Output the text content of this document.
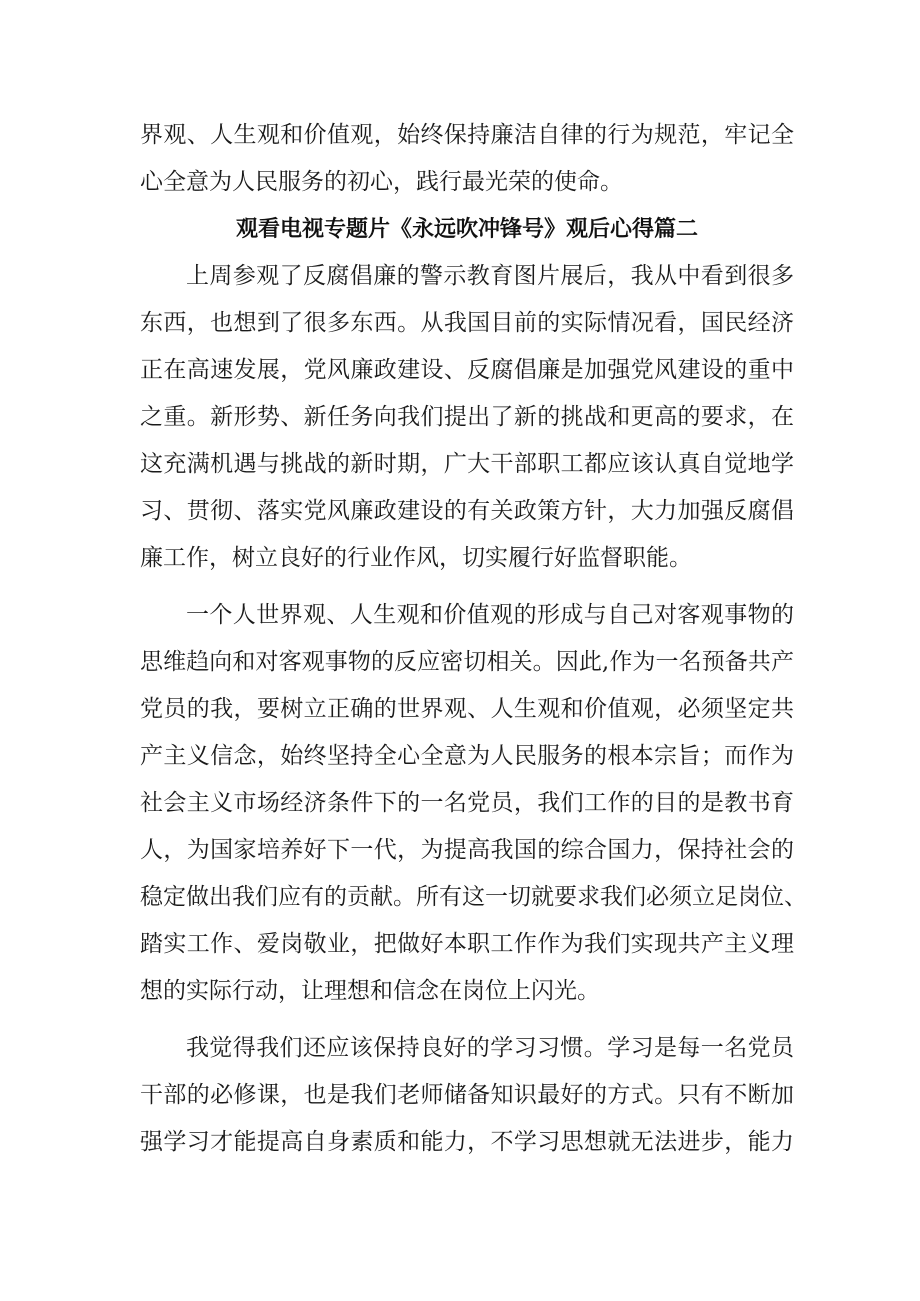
界观、人生观和价值观，始终保持廉洁自律的行为规范，牢记全
心全意为人民服务的初心，践行最光荣的使命。
观看电视专题片《永远吹冲锋号》观后心得篇二
上周参观了反腐倡廉的警示教育图片展后，我从中看到很多
东西，也想到了很多东西。从我国目前的实际情况看，国民经济
正在高速发展，党风廉政建设、反腐倡廉是加强党风建设的重中
之重。新形势、新任务向我们提出了新的挑战和更高的要求，在
这充满机遇与挑战的新时期，广大干部职工都应该认真自觉地学
习、贯彻、落实党风廉政建设的有关政策方针，大力加强反腐倡
廉工作，树立良好的行业作风，切实履行好监督职能。
一个人世界观、人生观和价值观的形成与自己对客观事物的
思维趋向和对客观事物的反应密切相关。因此,作为一名预备共产
党员的我，要树立正确的世界观、人生观和价值观，必须坚定共
产主义信念，始终坚持全心全意为人民服务的根本宗旨；而作为
社会主义市场经济条件下的一名党员，我们工作的目的是教书育
人，为国家培养好下一代，为提高我国的综合国力，保持社会的
稳定做出我们应有的贡献。所有这一切就要求我们必须立足岗位、
踏实工作、爱岗敬业，把做好本职工作作为我们实现共产主义理
想的实际行动，让理想和信念在岗位上闪光。
我觉得我们还应该保持良好的学习习惯。学习是每一名党员
干部的必修课，也是我们老师储备知识最好的方式。只有不断加
强学习才能提高自身素质和能力，不学习思想就无法进步，能力
